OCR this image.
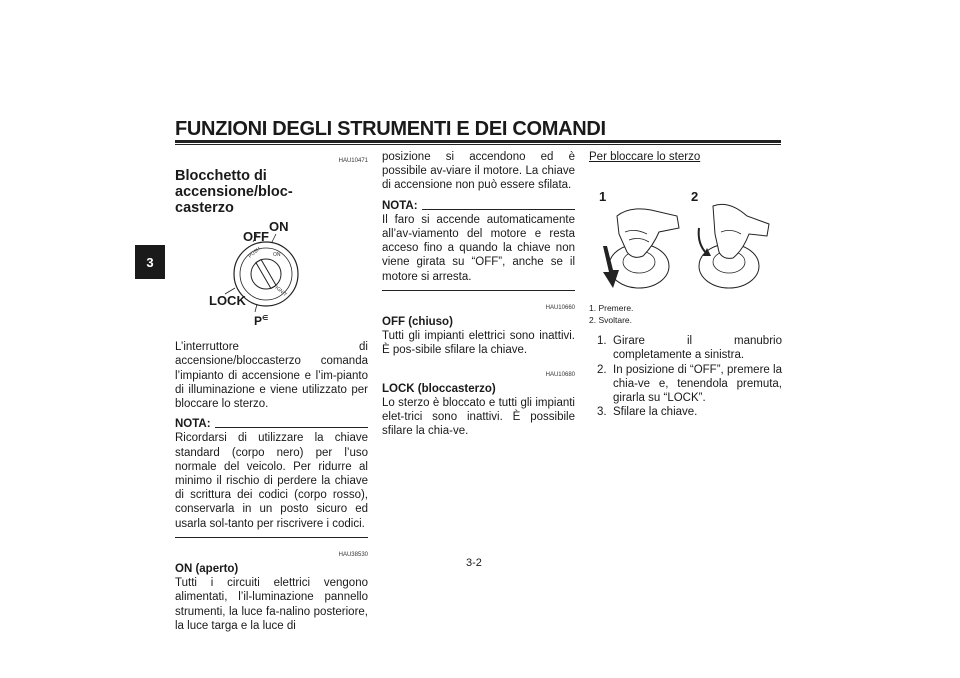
FUNZIONI DEGLI STRUMENTI E DEI COMANDI
3
HAU10471
Blocchetto di accensione/bloc-
casterzo
PUSH ON
IGNIT
ON
OFF
LOCK
P∈
L’interruttore di accensione/bloccasterzo comanda l’impianto di accensione e l’im-pianto di illuminazione e viene utilizzato per bloccare lo sterzo.
NOTA:
Ricordarsi di utilizzare la chiave standard (corpo nero) per l’uso normale del veicolo. Per ridurre al minimo il rischio di perdere la chiave di scrittura dei codici (corpo rosso), conservarla in un posto sicuro ed usarla sol-tanto per riscrivere i codici.
HAU38530
ON (aperto)
Tutti i circuiti elettrici vengono alimentati, l’il-luminazione pannello strumenti, la luce fa-nalino posteriore, la luce targa e la luce di
posizione si accendono ed è possibile av-viare il motore. La chiave di accensione non può essere sfilata.
NOTA:
Il faro si accende automaticamente all’av-viamento del motore e resta acceso fino a quando la chiave non viene girata su “OFF”, anche se il motore si arresta.
HAU10660
OFF (chiuso)
Tutti gli impianti elettrici sono inattivi. È pos-sibile sfilare la chiave.
HAU10680
LOCK (bloccasterzo)
Lo sterzo è bloccato e tutti gli impianti elet-trici sono inattivi. È possibile sfilare la chia-ve.
Per bloccare lo sterzo
1	2
1. Premere.
2. Svoltare.
1. Girare il manubrio completamente a sinistra.
2. In posizione di “OFF”, premere la chia-ve e, tenendola premuta, girarla su “LOCK”.
3. Sfilare la chiave.
3-2
